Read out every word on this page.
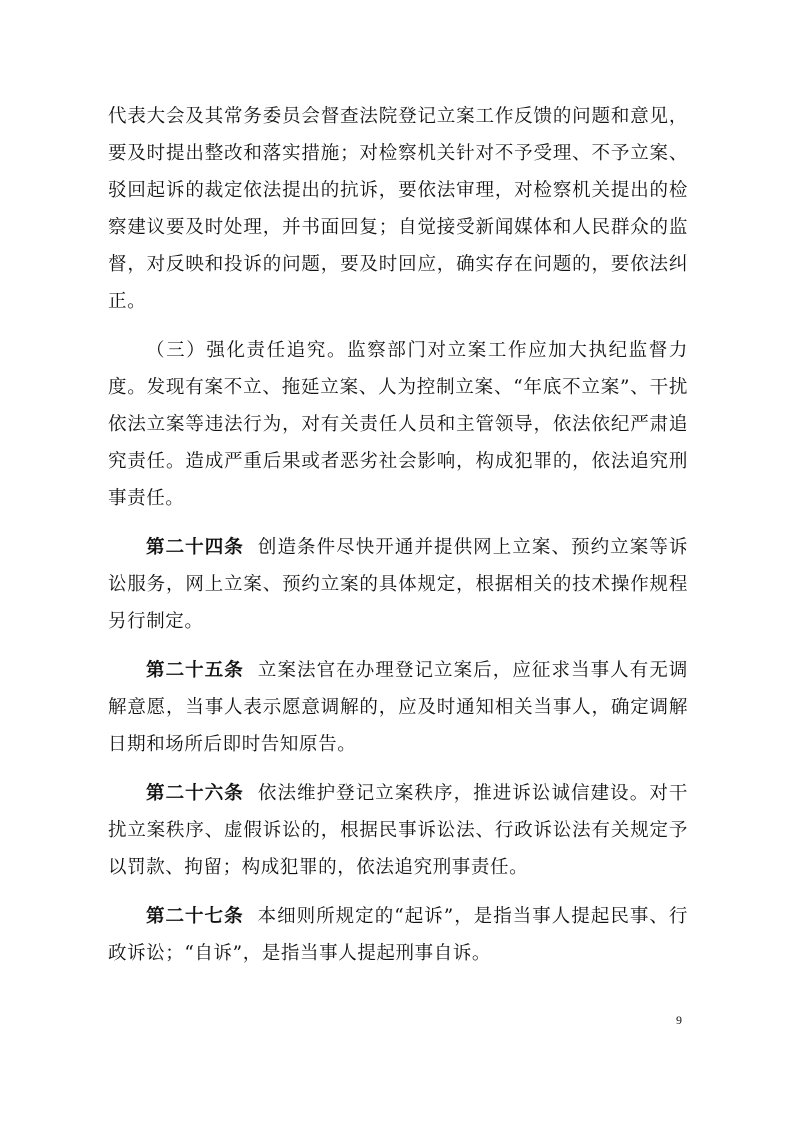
代表大会及其常务委员会督查法院登记立案工作反馈的问题和意见，要及时提出整改和落实措施；对检察机关针对不予受理、不予立案、驳回起诉的裁定依法提出的抗诉，要依法审理，对检察机关提出的检察建议要及时处理，并书面回复；自觉接受新闻媒体和人民群众的监督，对反映和投诉的问题，要及时回应，确实存在问题的，要依法纠正。

（三）强化责任追究。监察部门对立案工作应加大执纪监督力度。发现有案不立、拖延立案、人为控制立案、“年底不立案”、干扰依法立案等违法行为，对有关责任人员和主管领导，依法依纪严肃追究责任。造成严重后果或者恶劣社会影响，构成犯罪的，依法追究刑事责任。

第二十四条 创造条件尽快开通并提供网上立案、预约立案等诉讼服务，网上立案、预约立案的具体规定，根据相关的技术操作规程另行制定。

第二十五条 立案法官在办理登记立案后，应征求当事人有无调解意愿，当事人表示愿意调解的，应及时通知相关当事人，确定调解日期和场所后即时告知原告。

第二十六条 依法维护登记立案秩序，推进诉讼诚信建设。对干扰立案秩序、虚假诉讼的，根据民事诉讼法、行政诉讼法有关规定予以罚款、拘留；构成犯罪的，依法追究刑事责任。

第二十七条 本细则所规定的“起诉”，是指当事人提起民事、行政诉讼；“自诉”，是指当事人提起刑事自诉。

9
